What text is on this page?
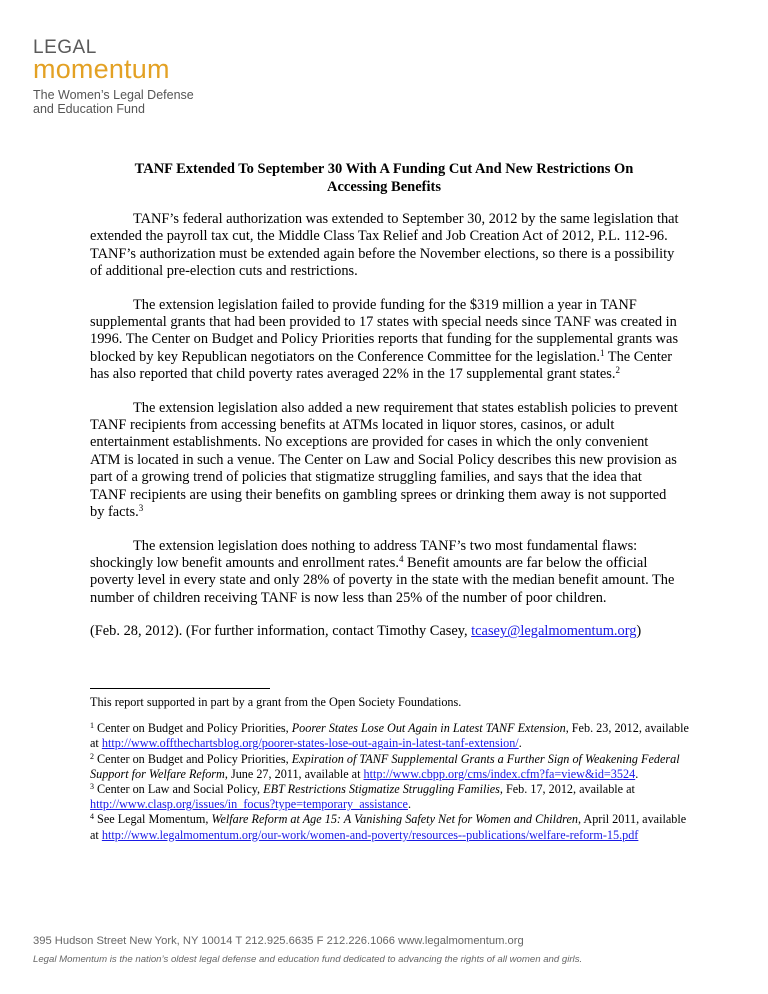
LEGAL
momentum
The Women’s Legal Defense
and Education Fund
TANF Extended To September 30 With A Funding Cut And New Restrictions On
Accessing Benefits

TANF’s federal authorization was extended to September 30, 2012 by the same legislation that extended the payroll tax cut, the Middle Class Tax Relief and Job Creation Act of 2012, P.L. 112-96. TANF’s authorization must be extended again before the November elections, so there is a possibility of additional pre-election cuts and restrictions.

The extension legislation failed to provide funding for the $319 million a year in TANF supplemental grants that had been provided to 17 states with special needs since TANF was created in 1996. The Center on Budget and Policy Priorities reports that funding for the supplemental grants was blocked by key Republican negotiators on the Conference Committee for the legislation.$^1$ The Center has also reported that child poverty rates averaged 22% in the 17 supplemental grant states.$^2$

The extension legislation also added a new requirement that states establish policies to prevent TANF recipients from accessing benefits at ATMs located in liquor stores, casinos, or adult entertainment establishments. No exceptions are provided for cases in which the only convenient ATM is located in such a venue. The Center on Law and Social Policy describes this new provision as part of a growing trend of policies that stigmatize struggling families, and says that the idea that TANF recipients are using their benefits on gambling sprees or drinking them away is not supported by facts.$^3$

The extension legislation does nothing to address TANF’s two most fundamental flaws: shockingly low benefit amounts and enrollment rates.$^4$ Benefit amounts are far below the official poverty level in every state and only 28% of poverty in the state with the median benefit amount. The number of children receiving TANF is now less than 25% of the number of poor children.

(Feb. 28, 2012). (For further information, contact Timothy Casey, tcasey@legalmomentum.org)

This report supported in part by a grant from the Open Society Foundations.

$^1$ Center on Budget and Policy Priorities, Poorer States Lose Out Again in Latest TANF Extension, Feb. 23, 2012, available at http://www.offthechartsblog.org/poorer-states-lose-out-again-in-latest-tanf-extension/.

$^2$ Center on Budget and Policy Priorities, Expiration of TANF Supplemental Grants a Further Sign of Weakening Federal Support for Welfare Reform, June 27, 2011, available at http://www.cbpp.org/cms/index.cfm?fa=view&id=3524.

$^3$ Center on Law and Social Policy, EBT Restrictions Stigmatize Struggling Families, Feb. 17, 2012, available at http://www.clasp.org/issues/in_focus?type=temporary_assistance.

$^4$ See Legal Momentum, Welfare Reform at Age 15: A Vanishing Safety Net for Women and Children, April 2011, available at http://www.legalmomentum.org/our-work/women-and-poverty/resources--publications/welfare-reform-15.pdf

395 Hudson Street New York, NY 10014 T 212.925.6635 F 212.226.1066 www.legalmomentum.org
Legal Momentum is the nation’s oldest legal defense and education fund dedicated to advancing the rights of all women and girls.
